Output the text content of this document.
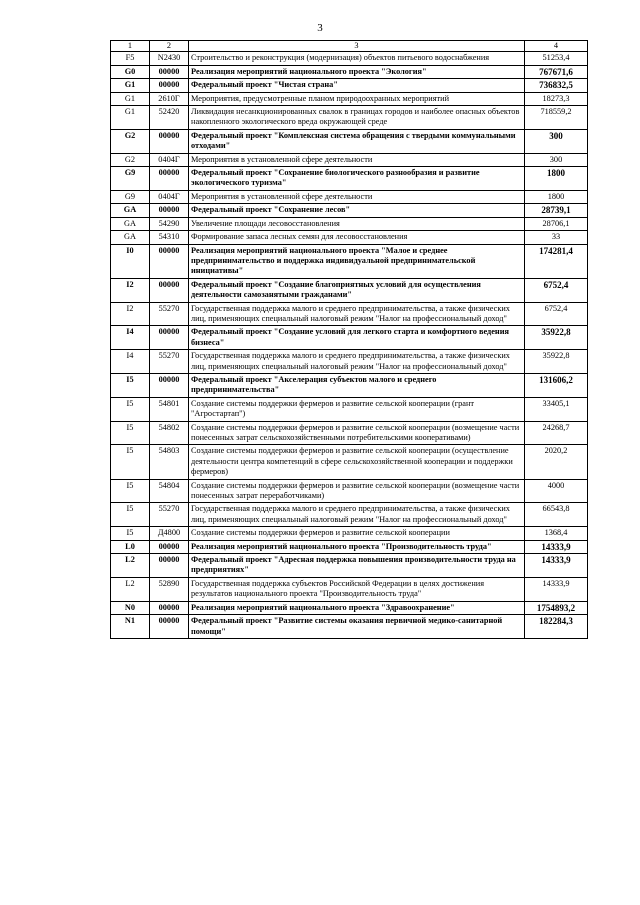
3
1	2	3	4
F5	N2430	Строительство и реконструкция (модернизация) объектов питьевого водоснабжения	51253,4
G0	00000	Реализация мероприятий национального проекта "Экология"	767671,6
G1	00000	Федеральный проект "Чистая страна"	736832,5
G1	2610Г	Мероприятия, предусмотренные планом природоохранных мероприятий	18273,3
G1	52420	Ликвидация несанкционированных свалок в границах городов и наиболее опасных объектов накопленного экологического вреда окружающей среде	718559,2
G2	00000	Федеральный проект "Комплексная система обращения с твердыми коммунальными отходами"	300
G2	0404Г	Мероприятия в установленной сфере деятельности	300
G9	00000	Федеральный проект "Сохранение биологического разнообразия и развитие экологического туризма"	1800
G9	0404Г	Мероприятия в установленной сфере деятельности	1800
GA	00000	Федеральный проект "Сохранение лесов"	28739,1
GA	54290	Увеличение площади лесовосстановления	28706,1
GA	54310	Формирование запаса лесных семян для лесовосстановления	33
I0	00000	Реализация мероприятий национального проекта "Малое и среднее предпринимательство и поддержка индивидуальной предпринимательской инициативы"	174281,4
I2	00000	Федеральный проект "Создание благоприятных условий для осуществления деятельности самозанятыми гражданами"	6752,4
I2	55270	Государственная поддержка малого и среднего предпринимательства, а также физических лиц, применяющих специальный налоговый режим "Налог на профессиональный доход"	6752,4
I4	00000	Федеральный проект "Создание условий для легкого старта и комфортного ведения бизнеса"	35922,8
I4	55270	Государственная поддержка малого и среднего предпринимательства, а также физических лиц, применяющих специальный налоговый режим "Налог на профессиональный доход"	35922,8
I5	00000	Федеральный проект "Акселерация субъектов малого и среднего предпринимательства"	131606,2
I5	54801	Создание системы поддержки фермеров и развитие сельской кооперации (грант "Агростартап")	33405,1
I5	54802	Создание системы поддержки фермеров и развитие сельской кооперации (возмещение части понесенных затрат сельскохозяйственными потребительскими кооперативами)	24268,7
I5	54803	Создание системы поддержки фермеров и развитие сельской кооперации (осуществление деятельности центра компетенций в сфере сельскохозяйственной кооперации и поддержки фермеров)	2020,2
I5	54804	Создание системы поддержки фермеров и развитие сельской кооперации (возмещение части понесенных затрат переработчиками)	4000
I5	55270	Государственная поддержка малого и среднего предпринимательства, а также физических лиц, применяющих специальный налоговый режим "Налог на профессиональный доход"	66543,8
I5	Д4800	Создание системы поддержки фермеров и развитие сельской кооперации	1368,4
L0	00000	Реализация мероприятий национального проекта "Производительность труда"	14333,9
L2	00000	Федеральный проект "Адресная поддержка повышения производительности труда на предприятиях"	14333,9
L2	52890	Государственная поддержка субъектов Российской Федерации в целях достижения результатов национального проекта "Производительность труда"	14333,9
N0	00000	Реализация мероприятий национального проекта "Здравоохранение"	1754893,2
N1	00000	Федеральный проект "Развитие системы оказания первичной медико-санитарной помощи"	182284,3
